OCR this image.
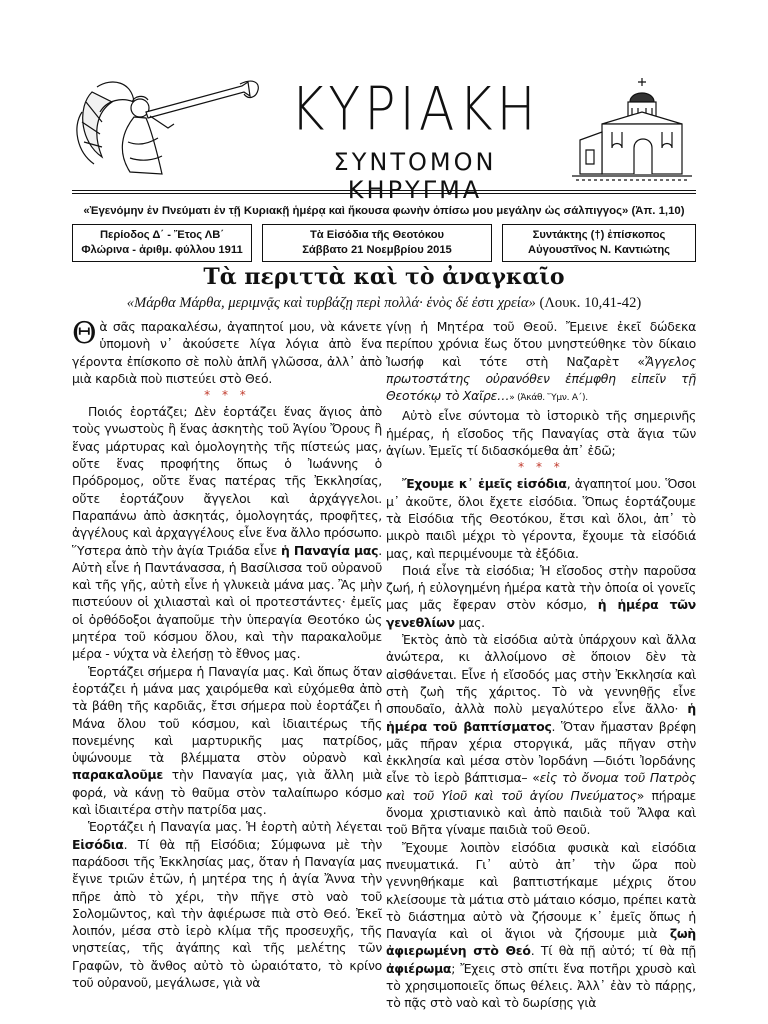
ΚΥΡΙΑΚΗ
ΣΥΝΤΟΜΟΝ ΚΗΡΥΓΜΑ
«Ἐγενόμην ἐν Πνεύματι ἐν τῇ Κυριακῇ ἡμέρᾳ καὶ ἤκουσα φωνὴν ὀπίσω μου μεγάλην ὡς σάλπιγγος» (Ἀπ. 1,10)
Περίοδος Δ΄ - Ἔτος ΛΒ΄
Φλώρινα - ἀριθμ. φύλλου 1911
Τὰ Εἰσόδια τῆς Θεοτόκου
Σάββατο 21 Νοεμβρίου 2015
Συντάκτης (†) ἐπίσκοπος
Αὐγουστῖνος Ν. Καντιώτης
Τὰ περιττὰ καὶ τὸ ἀναγκαῖο
«Μάρθα Μάρθα, μεριμνᾷς καὶ τυρβάζῃ περὶ πολλά· ἑνὸς δέ ἐστι χρεία» (Λουκ. 10,41-42)

Θὰ σᾶς παρακαλέσω, ἀγαπητοί μου, νὰ κάνετε ὑπομονὴ ν᾽ ἀκούσετε λίγα λόγια ἀπὸ ἕνα γέροντα ἐπίσκοπο σὲ πολὺ ἁπλῆ γλῶσσα, ἀλλ᾽ ἀπὸ μιὰ καρδιὰ ποὺ πιστεύει στὸ Θεό.

* * *

Ποιός ἑορτάζει; Δὲν ἑορτάζει ἕνας ἅγιος ἀπὸ τοὺς γνωστοὺς ἢ ἕνας ἀσκητὴς τοῦ Ἁγίου Ὄρους ἢ ἕνας μάρτυρας καὶ ὁμολογητὴς τῆς πίστεώς μας, οὔτε ἕνας προφήτης ὅπως ὁ Ἰωάννης ὁ Πρόδρομος, οὔτε ἕνας πατέρας τῆς Ἐκκλησίας, οὔτε ἑορτάζουν ἄγγελοι καὶ ἀρχάγγελοι. Παραπάνω ἀπὸ ἀσκητάς, ὁμολογητάς, προφῆτες, ἀγγέλους καὶ ἀρχαγγέλους εἶνε ἕνα ἄλλο πρόσωπο. Ὕστερα ἀπὸ τὴν ἁγία Τριάδα εἶνε ἡ Παναγία μας. Αὐτὴ εἶνε ἡ Παντάνασσα, ἡ Βασίλισσα τοῦ οὐρανοῦ καὶ τῆς γῆς, αὐτὴ εἶνε ἡ γλυκειὰ μάνα μας. Ἂς μὴν πιστεύουν οἱ χιλιαστ‍αὶ καὶ οἱ προτεστάντες· ἐμεῖς οἱ ὀρθόδοξοι ἀγαποῦμε τὴν ὑπεραγία Θεοτόκο ὡς μητέρα τοῦ κόσμου ὅλου, καὶ τὴν παρακαλοῦμε μέρα - νύχτα νὰ ἐλεήσῃ τὸ ἔθνος μας.

Ἑορτάζει σήμερα ἡ Παναγία μας. Καὶ ὅπως ὅταν ἑορτάζει ἡ μάνα μας χαιρόμεθα καὶ εὐχόμεθα ἀπὸ τὰ βάθη τῆς καρδιᾶς, ἔτσι σήμερα ποὺ ἑορτάζει ἡ Μάνα ὅλου τοῦ κόσμου, καὶ ἰδιαιτέρως τῆς πονεμένης καὶ μαρτυρικῆς μας πατρίδος, ὑψώνουμε τὰ βλέμματα στὸν οὐρανὸ καὶ παρακαλοῦμε τὴν Παναγία μας, γιὰ ἄλλη μιὰ φορά, νὰ κάνῃ τὸ θαῦμα στὸν ταλαίπωρο κόσμο καὶ ἰδιαιτέρα στὴν πατρίδα μας.

Ἑορτάζει ἡ Παναγία μας. Ἡ ἑορτὴ αὐτὴ λέγεται Εἰσόδια. Τί θὰ πῇ Εἰσόδια; Σύμφωνα μὲ τὴν παράδοσι τῆς Ἐκκλησίας μας, ὅταν ἡ Παναγία μας ἔγινε τριῶν ἐτῶν, ἡ μητέρα της ἡ ἁγία Ἄννα τὴν πῆρε ἀπὸ τὸ χέρι, τὴν πῆγε στὸ ναὸ τοῦ Σολομῶντος, καὶ τὴν ἀφιέρωσε πιὰ στὸ Θεό. Ἐκεῖ λοιπόν, μέσα στὸ ἱερὸ κλίμα τῆς προσευχῆς, τῆς νηστείας, τῆς ἀγάπης καὶ τῆς μελέτης τῶν Γραφῶν, τὸ ἄνθος αὐτὸ τὸ ὡραιότατο, τὸ κρίνο τοῦ οὐρανοῦ, μεγάλωσε, γιὰ νὰ

γίνῃ ἡ Μητέρα τοῦ Θεοῦ. Ἔμεινε ἐκεῖ δώδεκα περίπου χρόνια ἕως ὅτου μνηστεύθηκε τὸν δίκαιο Ἰωσήφ καὶ τότε στὴ Ναζαρὲτ «Ἄγγελος πρωτοστάτης οὐρανόθεν ἐπέμφθη εἰπεῖν τῇ Θεοτόκῳ τὸ Χαῖρε…» (Ἀκάθ. Ὕμν. Α΄).

Αὐτὸ εἶνε σύντομα τὸ ἱστορικὸ τῆς σημερινῆς ἡμέρας, ἡ εἴσοδος τῆς Παναγίας στὰ ἅγια τῶν ἁγίων. Ἐμεῖς τί διδασκόμεθα ἀπ᾽ ἐδῶ;

* * *

Ἔχουμε κ᾽ ἐμεῖς εἰσόδια, ἀγαπητοί μου. Ὅσοι μ᾽ ἀκοῦτε, ὅλοι ἔχετε εἰσόδια. Ὅπως ἑορτάζουμε τὰ Εἰσόδια τῆς Θεοτόκου, ἔτσι καὶ ὅλοι, ἀπ᾽ τὸ μικρὸ παιδὶ μέχρι τὸ γέροντα, ἔχουμε τὰ εἰσόδιά μας, καὶ περιμένουμε τὰ ἐξόδια.

Ποιά εἶνε τὰ εἰσόδια; Ἡ εἴσοδος στὴν παροῦσα ζωή, ἡ εὐλογημένη ἡμέρα κατὰ τὴν ὁποία οἱ γονεῖς μας μᾶς ἔφεραν στὸν κόσμο, ἡ ἡμέρα τῶν γενεθλίων μας.

Ἐκτὸς ἀπὸ τὰ εἰσόδια αὐτὰ ὑπάρχουν καὶ ἄλλα ἀνώτερα, κι ἀλλοίμονο σὲ ὅποιον δὲν τὰ αἰσθάνεται. Εἶνε ἡ εἴσοδός μας στὴν Ἐκκλησία καὶ στὴ ζωὴ τῆς χάριτος. Τὸ νὰ γεννηθῇς εἶνε σπουδαῖο, ἀλλὰ πολὺ μεγαλύτερο εἶνε ἄλλο· ἡ ἡμέρα τοῦ βαπτίσματος. Ὅταν ἤμασταν βρέφη μᾶς πῆραν χέρια στοργικά, μᾶς πῆγαν στὴν ἐκκλησία καὶ μέσα στὸν Ἰορδάνη —διότι Ἰορδάνης εἶνε τὸ ἱερὸ βάπτισμα– «εἰς τὸ ὄνομα τοῦ Πατρὸς καὶ τοῦ Υἱοῦ καὶ τοῦ ἁγίου Πνεύματος» πήραμε ὄνομα χριστιανικὸ καὶ ἀπὸ παιδιὰ τοῦ Ἄλφα καὶ τοῦ Βῆτα γίναμε παιδιὰ τοῦ Θεοῦ.

Ἔχουμε λοιπὸν εἰσόδια φυσικὰ καὶ εἰσόδια πνευματικά. Γι᾽ αὐτὸ ἀπ᾽ τὴν ὥρα ποὺ γεννηθήκαμε καὶ βαπτιστήκαμε μέχρις ὅτου κλείσουμε τὰ μάτια στὸ μάταιο κόσμο, πρέπει κατὰ τὸ διάστημα αὐτὸ νὰ ζήσουμε κ᾽ ἐμεῖς ὅπως ἡ Παναγία καὶ οἱ ἅγιοι νὰ ζήσουμε μιὰ ζωὴ ἀφιερωμένη στὸ Θεό. Τί θὰ πῇ αὐτό; τί θὰ πῇ ἀφιέρωμα; Ἔχεις στὸ σπίτι ἕνα ποτῆρι χρυσὸ καὶ τὸ χρησιμοποιεῖς ὅπως θέλεις. Ἀλλ᾽ ἐὰν τὸ πάρῃς, τὸ πᾷς στὸ ναὸ καὶ τὸ δωρίσῃς γιὰ
